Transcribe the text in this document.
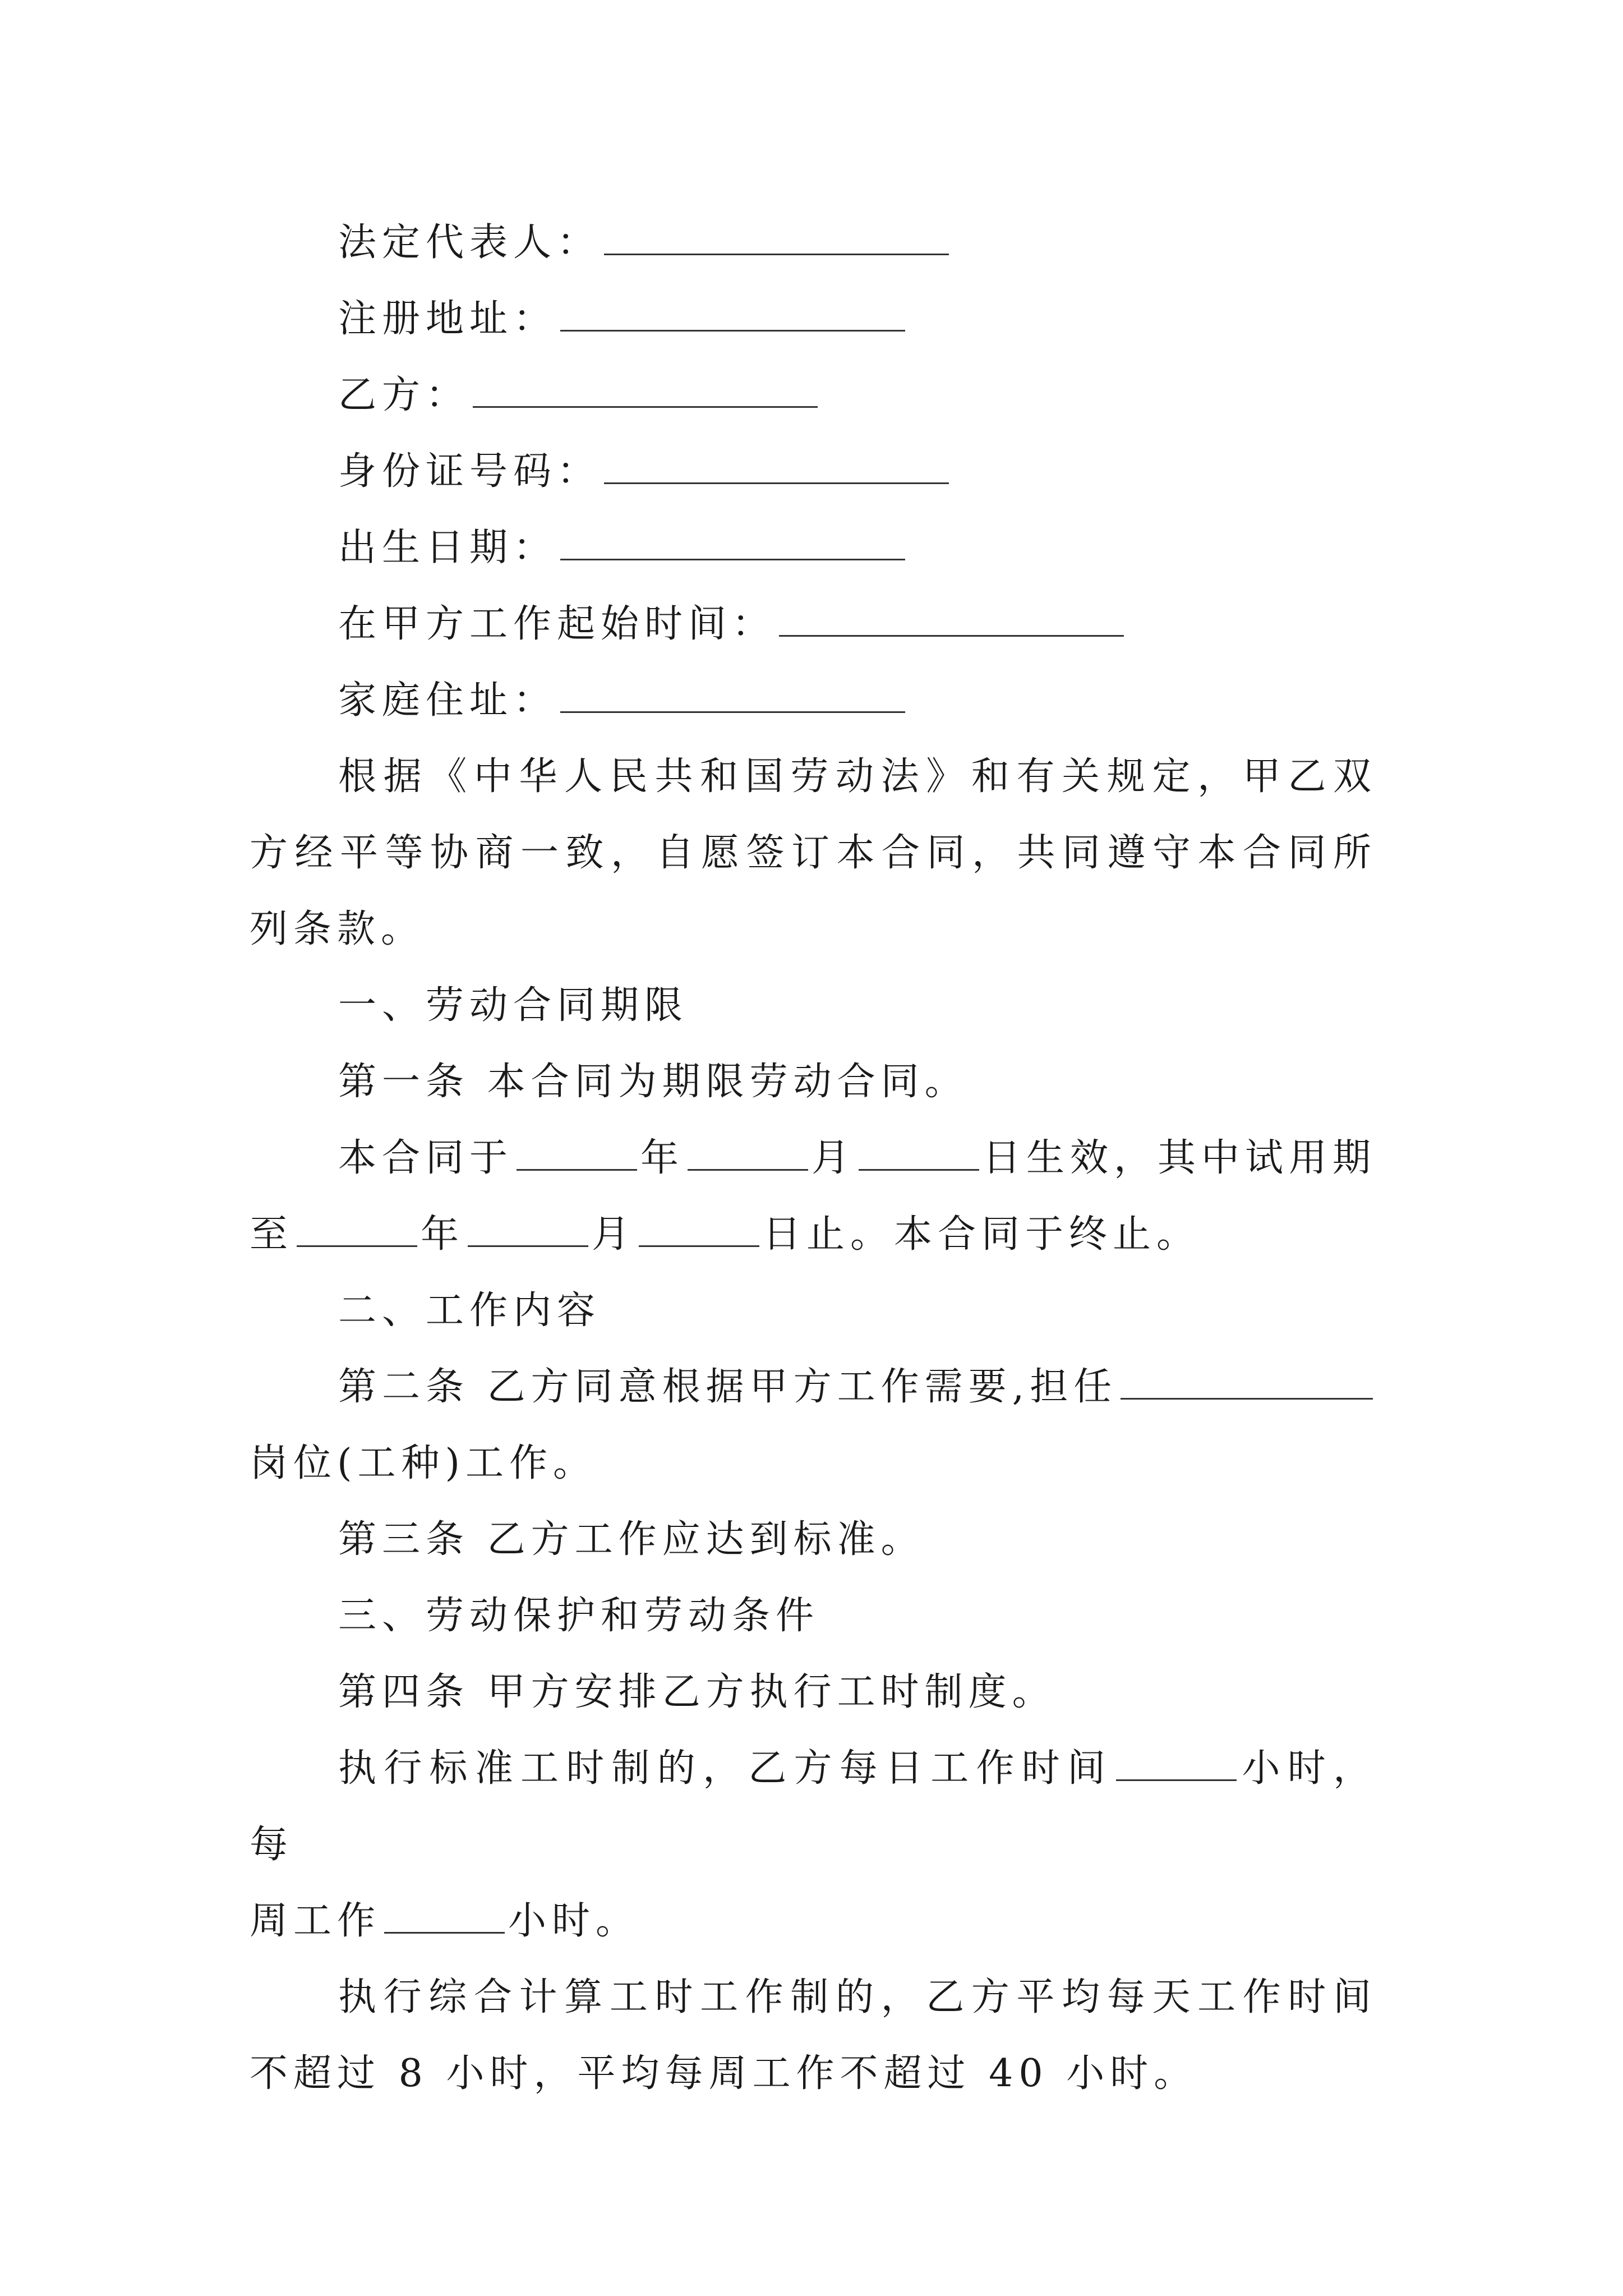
法定代表人：
注册地址：
乙方：
身份证号码：
出生日期：
在甲方工作起始时间：
家庭住址：
根据《中华人民共和国劳动法》和有关规定，甲乙双方经平等协商一致，自愿签订本合同，共同遵守本合同所列条款。
一、劳动合同期限
第一条 本合同为期限劳动合同。
本合同于	年	月	日生效，其中试用期
至	年	月	日止。本合同于终止。
二、工作内容
第二条 乙方同意根据甲方工作需要,担任
岗位(工种)工作。
第三条 乙方工作应达到标准。
三、劳动保护和劳动条件
第四条 甲方安排乙方执行工时制度。
执行标准工时制的，乙方每日工作时间	小时，每
周工作	小时。
执行综合计算工时工作制的，乙方平均每天工作时间不超过 8 小时，平均每周工作不超过 40 小时。
